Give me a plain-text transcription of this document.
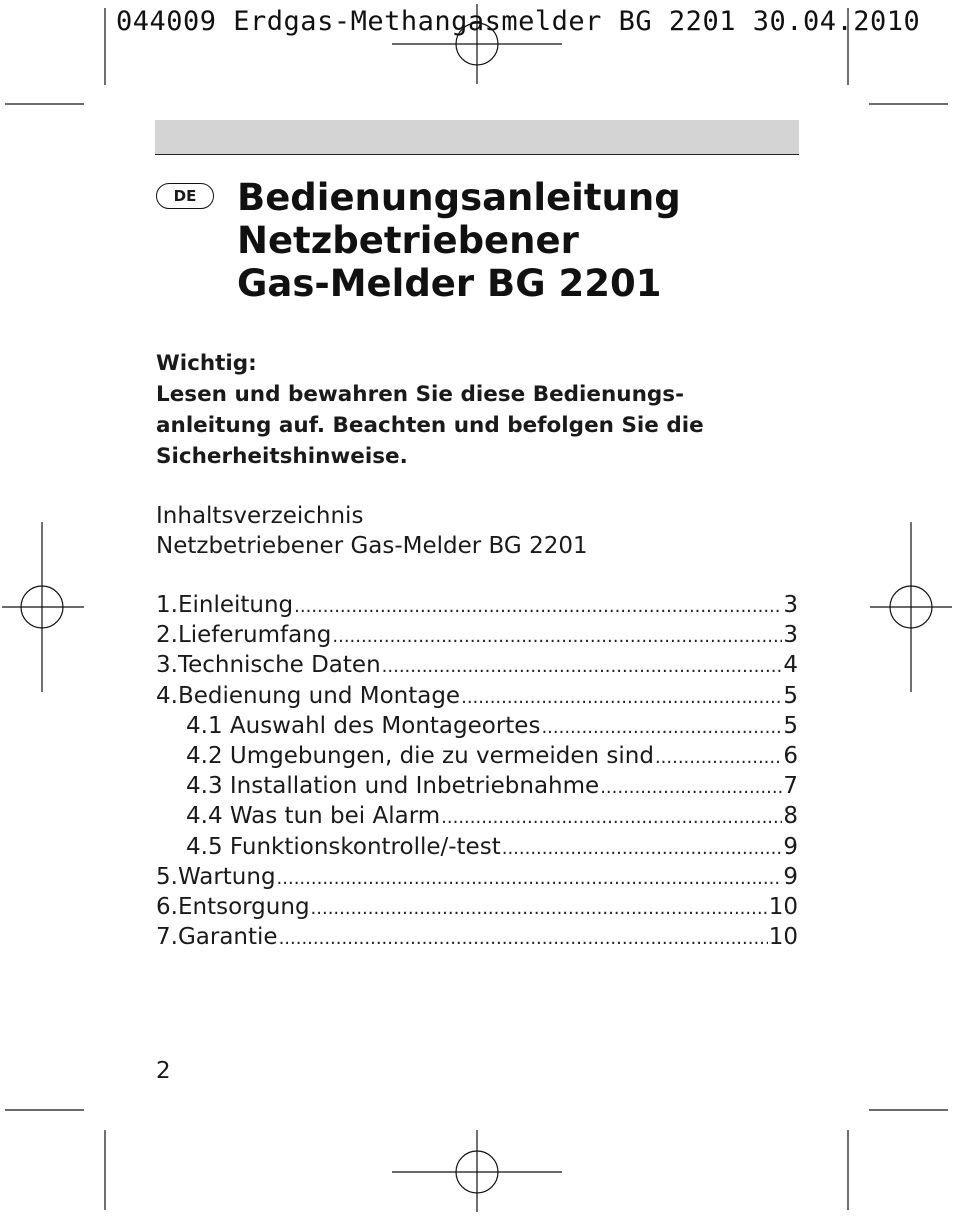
044009 Erdgas-Methangasmelder BG 2201 30.04.2010
DE	Bedienungsanleitung
Netzbetriebener
Gas-Melder BG 2201
Wichtig:
Lesen und bewahren Sie diese Bedienungs-
anleitung auf. Beachten und befolgen Sie die
Sicherheitshinweise.
Inhaltsverzeichnis
Netzbetriebener Gas-Melder BG 2201
1. Einleitung .....	3
2. Lieferumfang .....	3
3. Technische Daten .....	4
4. Bedienung und Montage .....	5
4.1 Auswahl des Montageortes .....	5
4.2 Umgebungen, die zu vermeiden sind .....	6
4.3 Installation und Inbetriebnahme .....	7
4.4 Was tun bei Alarm .....	8
4.5 Funktionskontrolle/-test .....	9
5. Wartung .....	9
6. Entsorgung .....	10
7. Garantie .....	10
2
